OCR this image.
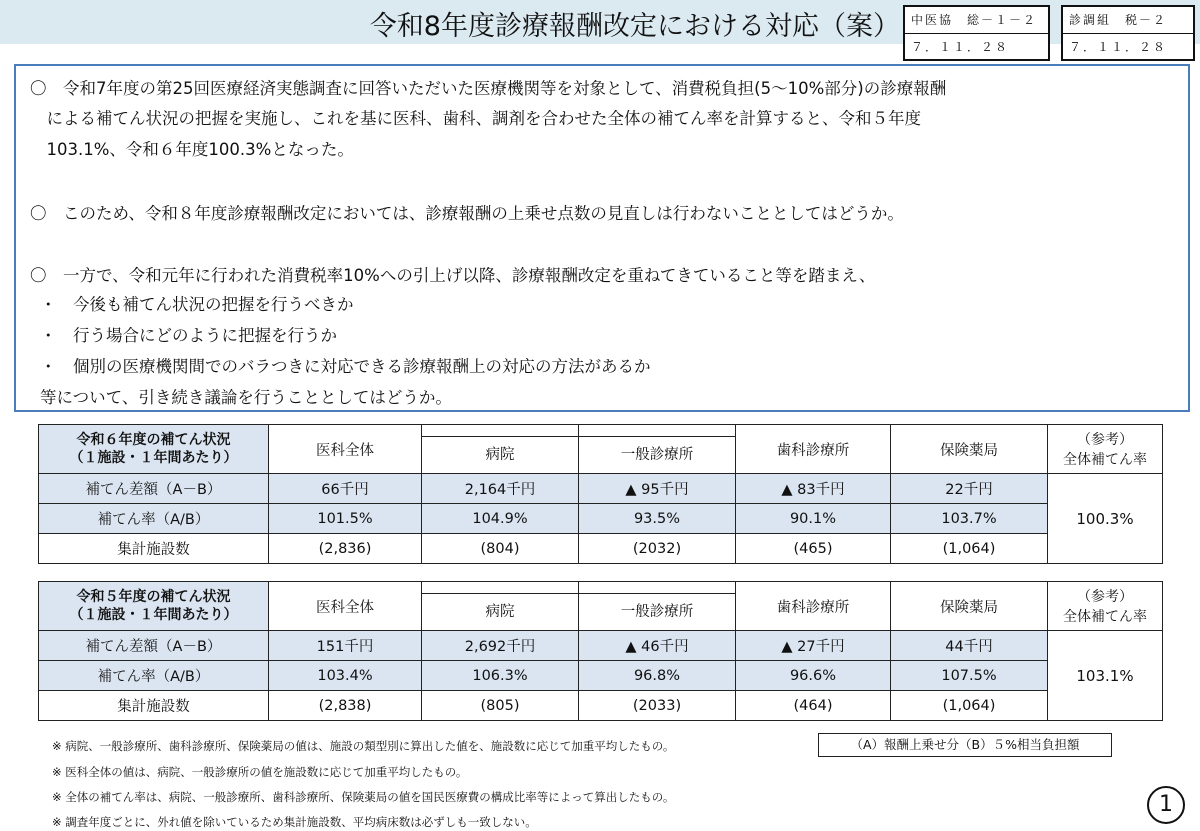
令和8年度診療報酬改定における対応（案） 中医協　総－１－２
７．１１．２８
診調組　税－２
７．１１．２８
〇　令和7年度の第25回医療経済実態調査に回答いただいた医療機関等を対象として、消費税負担(5～10%部分)の診療報酬
　による補てん状況の把握を実施し、これを基に医科、歯科、調剤を合わせた全体の補てん率を計算すると、令和５年度
　103.1%、令和６年度100.3%となった。
〇　このため、令和８年度診療報酬改定においては、診療報酬の上乗せ点数の見直しは行わないこととしてはどうか。
〇　一方で、令和元年に行われた消費税率10%への引上げ以降、診療報酬改定を重ねてきていること等を踏まえ、
・　今後も補てん状況の把握を行うべきか
・　行う場合にどのように把握を行うか
・　個別の医療機関間でのバラつきに対応できる診療報酬上の対応の方法があるか
等について、引き続き議論を行うこととしてはどうか。
令和６年度の補てん状況
（１施設・１年間あたり）	医科全体	病院	一般診療所	歯科診療所	保険薬局	（参考）
全体補てん率
補てん差額（A－B）	66千円	2,164千円	▲ 95千円	▲ 83千円	22千円	100.3%
補てん率（A/B）	101.5%	104.9%	93.5%	90.1%	103.7%	
集計施設数	(2,836)	(804)	(2032)	(465)	(1,064)	
令和５年度の補てん状況
（１施設・１年間あたり）	医科全体	病院	一般診療所	歯科診療所	保険薬局	（参考）
全体補てん率
補てん差額（A－B）	151千円	2,692千円	▲ 46千円	▲ 27千円	44千円	103.1%
補てん率（A/B）	103.4%	106.3%	96.8%	96.6%	107.5%	
集計施設数	(2,838)	(805)	(2033)	(464)	(1,064)	
※ 病院、一般診療所、歯科診療所、保険薬局の値は、施設の類型別に算出した値を、施設数に応じて加重平均したもの。
※ 医科全体の値は、病院、一般診療所の値を施設数に応じて加重平均したもの。
※ 全体の補てん率は、病院、一般診療所、歯科診療所、保険薬局の値を国民医療費の構成比率等によって算出したもの。
※ 調査年度ごとに、外れ値を除いているため集計施設数、平均病床数は必ずしも一致しない。
（A）報酬上乗せ分（B）５%相当負担額
1
